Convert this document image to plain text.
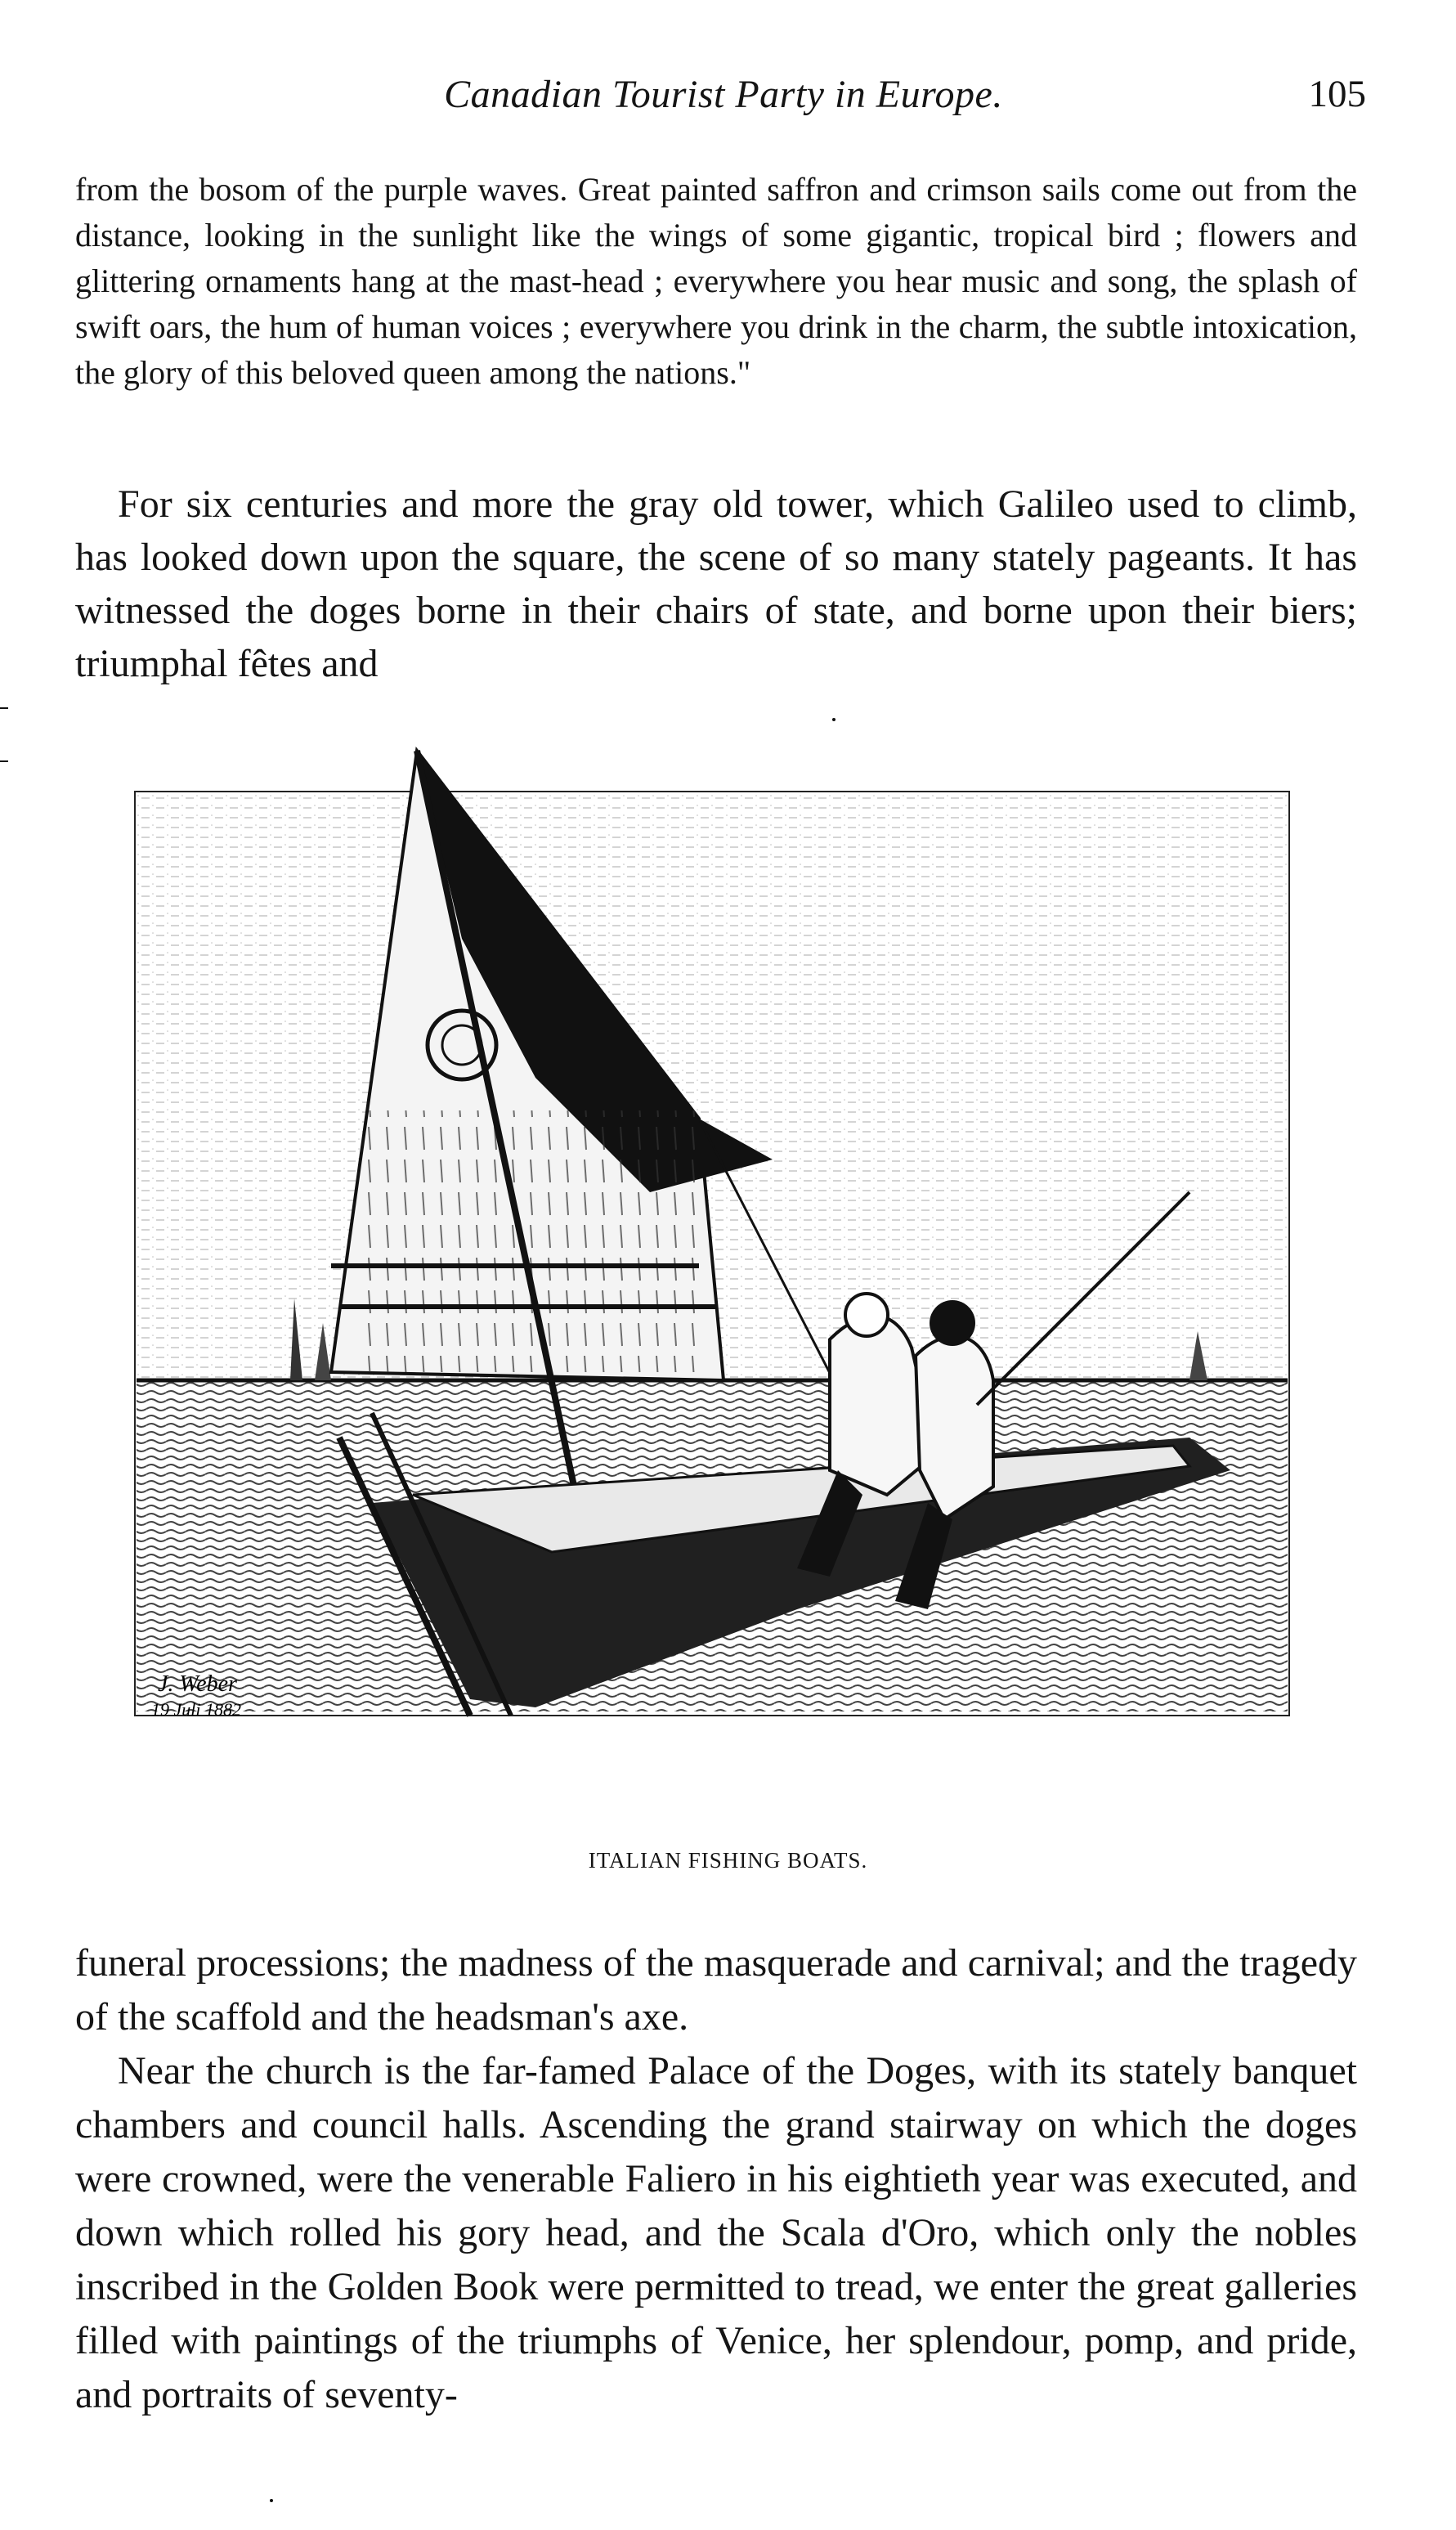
Canadian Tourist Party in Europe.	105
from the bosom of the purple waves. Great painted saffron and crimson sails come out from the distance, looking in the sunlight like the wings of some gigantic, tropical bird ; flowers and glittering ornaments hang at the mast-head ; everywhere you hear music and song, the splash of swift oars, the hum of human voices ; everywhere you drink in the charm, the subtle intoxication, the glory of this beloved queen among the nations."
For six centuries and more the gray old tower, which Galileo used to climb, has looked down upon the square, the scene of so many stately pageants. It has witnessed the doges borne in their chairs of state, and borne upon their biers; triumphal fêtes and
J. Weber
19 Juli 1882
ITALIAN FISHING BOATS.

funeral processions; the madness of the masquerade and carnival; and the tragedy of the scaffold and the headsman's axe.

Near the church is the far-famed Palace of the Doges, with its stately banquet chambers and council halls. Ascending the grand stairway on which the doges were crowned, were the venerable Faliero in his eightieth year was executed, and down which rolled his gory head, and the Scala d'Oro, which only the nobles inscribed in the Golden Book were permitted to tread, we enter the great galleries filled with paintings of the triumphs of Venice, her splendour, pomp, and pride, and portraits of seventy-
